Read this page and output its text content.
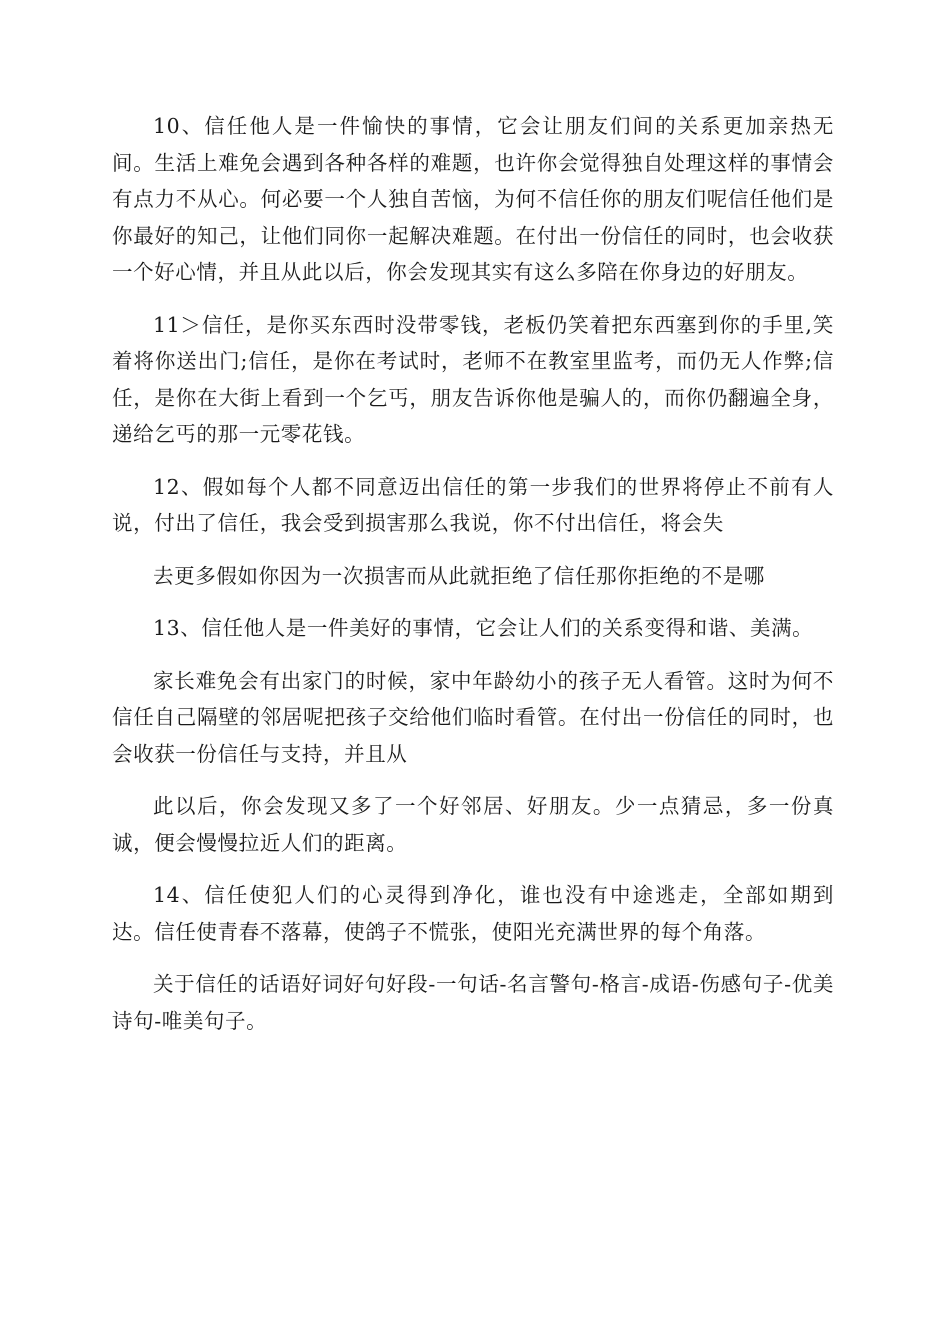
10、信任他人是一件愉快的事情，它会让朋友们间的关系更加亲热无间。生活上难免会遇到各种各样的难题，也许你会觉得独自处理这样的事情会有点力不从心。何必要一个人独自苦恼，为何不信任你的朋友们呢信任他们是你最好的知己，让他们同你一起解决难题。在付出一份信任的同时，也会收获一个好心情，并且从此以后，你会发现其实有这么多陪在你身边的好朋友。

11＞信任，是你买东西时没带零钱，老板仍笑着把东西塞到你的手里,笑着将你送出门;信任，是你在考试时，老师不在教室里监考，而仍无人作弊;信任，是你在大街上看到一个乞丐，朋友告诉你他是骗人的，而你仍翻遍全身，递给乞丐的那一元零花钱。

12、假如每个人都不同意迈出信任的第一步我们的世界将停止不前有人说，付出了信任，我会受到损害那么我说，你不付出信任，将会失

去更多假如你因为一次损害而从此就拒绝了信任那你拒绝的不是哪

13、信任他人是一件美好的事情，它会让人们的关系变得和谐、美满。

家长难免会有出家门的时候，家中年龄幼小的孩子无人看管。这时为何不信任自己隔壁的邻居呢把孩子交给他们临时看管。在付出一份信任的同时，也会收获一份信任与支持，并且从

此以后，你会发现又多了一个好邻居、好朋友。少一点猜忌，多一份真诚，便会慢慢拉近人们的距离。

14、信任使犯人们的心灵得到净化，谁也没有中途逃走，全部如期到达。信任使青春不落幕，使鸽子不慌张，使阳光充满世界的每个角落。

关于信任的话语好词好句好段-一句话-名言警句-格言-成语-伤感句子-优美诗句-唯美句子。
